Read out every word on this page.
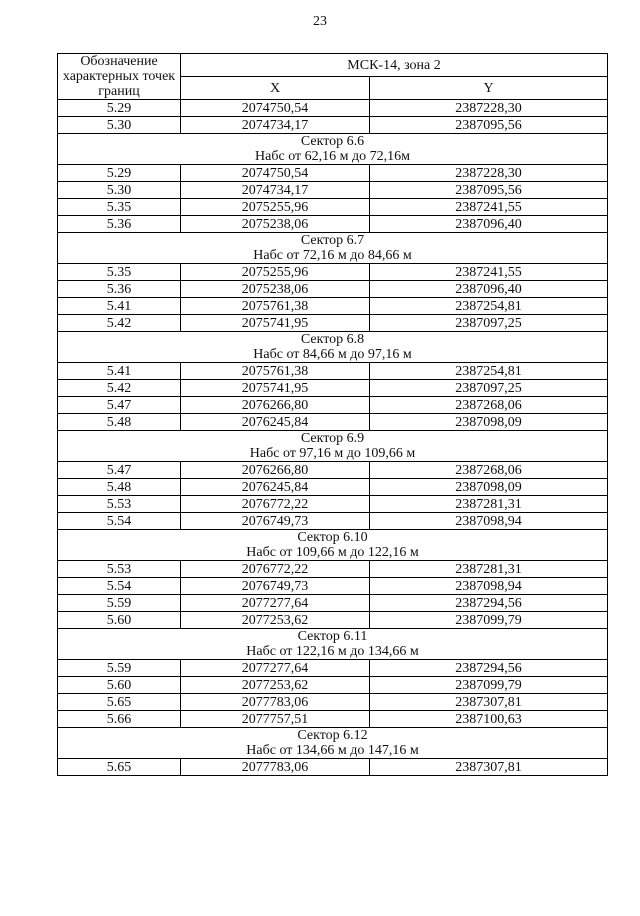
23
Обозначение характерных точек границ	МСК-14, зона 2	
	X	Y
5.29	2074750,54	2387228,30
5.30	2074734,17	2387095,56

Сектор 6.6
Набс от 62,16 м до 72,16м		

5.29	2074750,54	2387228,30
5.30	2074734,17	2387095,56
5.35	2075255,96	2387241,55
5.36	2075238,06	2387096,40

Сектор 6.7
Набс от 72,16 м до 84,66 м		

5.35	2075255,96	2387241,55
5.36	2075238,06	2387096,40
5.41	2075761,38	2387254,81
5.42	2075741,95	2387097,25

Сектор 6.8
Набс от 84,66 м до 97,16 м		

5.41	2075761,38	2387254,81
5.42	2075741,95	2387097,25
5.47	2076266,80	2387268,06
5.48	2076245,84	2387098,09

Сектор 6.9
Набс от 97,16 м до 109,66 м		

5.47	2076266,80	2387268,06
5.48	2076245,84	2387098,09
5.53	2076772,22	2387281,31
5.54	2076749,73	2387098,94

Сектор 6.10
Набс от 109,66 м до 122,16 м		

5.53	2076772,22	2387281,31
5.54	2076749,73	2387098,94
5.59	2077277,64	2387294,56
5.60	2077253,62	2387099,79

Сектор 6.11
Набс от 122,16 м до 134,66 м		

5.59	2077277,64	2387294,56
5.60	2077253,62	2387099,79
5.65	2077783,06	2387307,81
5.66	2077757,51	2387100,63

Сектор 6.12
Набс от 134,66 м до 147,16 м		

5.65	2077783,06	2387307,81
